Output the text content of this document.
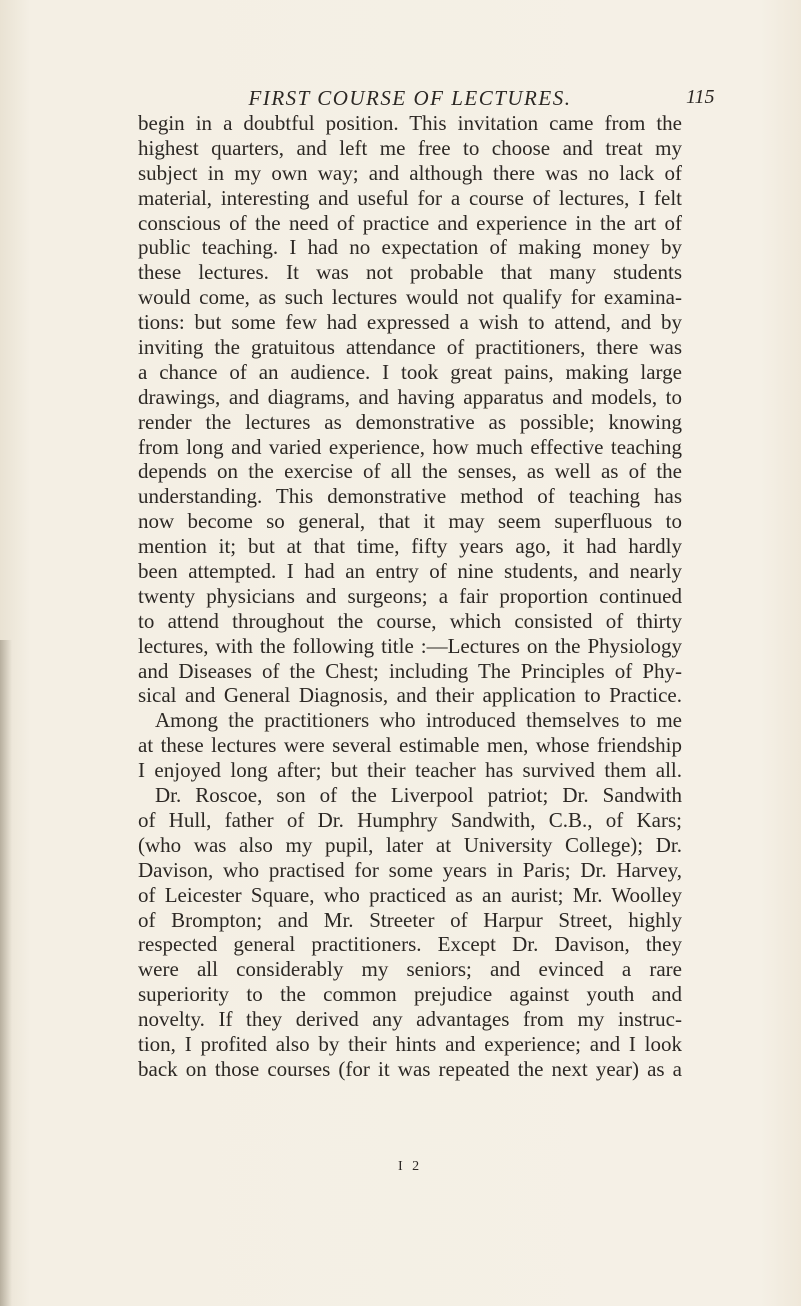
FIRST COURSE OF LECTURES.	115
begin in a doubtful position. This invitation came from the
highest quarters, and left me free to choose and treat my
subject in my own way; and although there was no lack of
material, interesting and useful for a course of lectures, I felt
conscious of the need of practice and experience in the art of
public teaching. I had no expectation of making money by
these lectures. It was not probable that many students
would come, as such lectures would not qualify for examina-
tions: but some few had expressed a wish to attend, and by
inviting the gratuitous attendance of practitioners, there was
a chance of an audience. I took great pains, making large
drawings, and diagrams, and having apparatus and models, to
render the lectures as demonstrative as possible; knowing
from long and varied experience, how much effective teaching
depends on the exercise of all the senses, as well as of the
understanding. This demonstrative method of teaching has
now become so general, that it may seem superfluous to
mention it; but at that time, fifty years ago, it had hardly
been attempted. I had an entry of nine students, and nearly
twenty physicians and surgeons; a fair proportion continued
to attend throughout the course, which consisted of thirty
lectures, with the following title :—Lectures on the Physiology
and Diseases of the Chest; including The Principles of Phy-
sical and General Diagnosis, and their application to Practice.
Among the practitioners who introduced themselves to me
at these lectures were several estimable men, whose friendship
I enjoyed long after; but their teacher has survived them all.
Dr. Roscoe, son of the Liverpool patriot; Dr. Sandwith
of Hull, father of Dr. Humphry Sandwith, C.B., of Kars;
(who was also my pupil, later at University College); Dr.
Davison, who practised for some years in Paris; Dr. Harvey,
of Leicester Square, who practiced as an aurist; Mr. Woolley
of Brompton; and Mr. Streeter of Harpur Street, highly
respected general practitioners. Except Dr. Davison, they
were all considerably my seniors; and evinced a rare
superiority to the common prejudice against youth and
novelty. If they derived any advantages from my instruc-
tion, I profited also by their hints and experience; and I look
back on those courses (for it was repeated the next year) as a
I 2
